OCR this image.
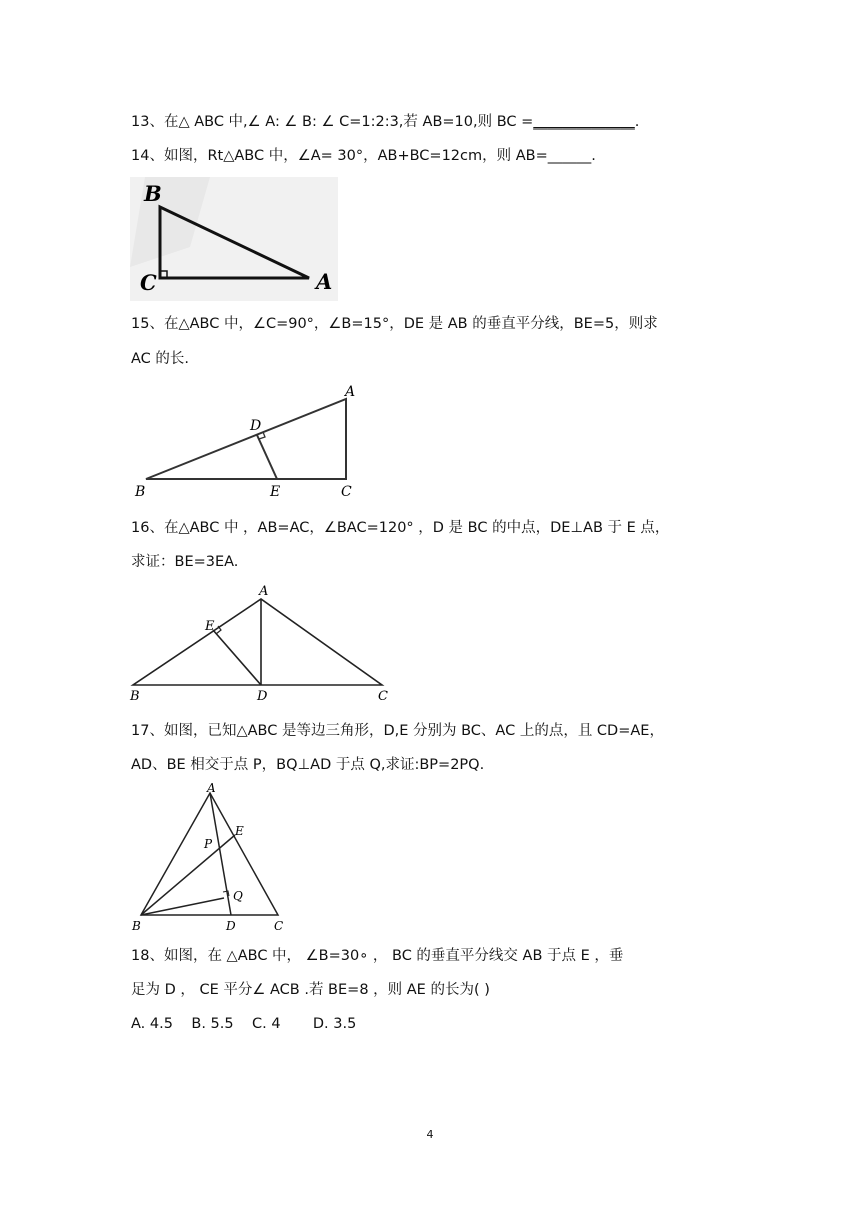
13、在△ ABC 中,∠ A: ∠ B: ∠ C=1:2:3,若 AB=10,则 BC =______________.
14、如图，Rt△ABC 中，∠A= 30°，AB+BC=12cm，则 AB=______.
B
C	A
15、在△ABC 中，∠C=90°，∠B=15°，DE 是 AB 的垂直平分线，BE=5，则求
AC 的长.
A
D
B	E	C
16、在△ABC 中 ，AB=AC，∠BAC=120° ，D 是 BC 的中点，DE⊥AB 于 E 点，
求证：BE=3EA.
A
E
B	D	C
17、如图，已知△ABC 是等边三角形，D,E 分别为 BC、AC 上的点，且 CD=AE，
AD、BE 相交于点 P，BQ⊥AD 于点 Q,求证:BP=2PQ.
A
E
P
Q
B	D	C
18、如图，在 △ABC 中， ∠B=30∘ ， BC 的垂直平分线交 AB 于点 E ，垂
足为 D ， CE 平分∠ ACB .若 BE=8 ，则 AE 的长为( )
A. 4.5    B. 5.5    C. 4       D. 3.5
4
